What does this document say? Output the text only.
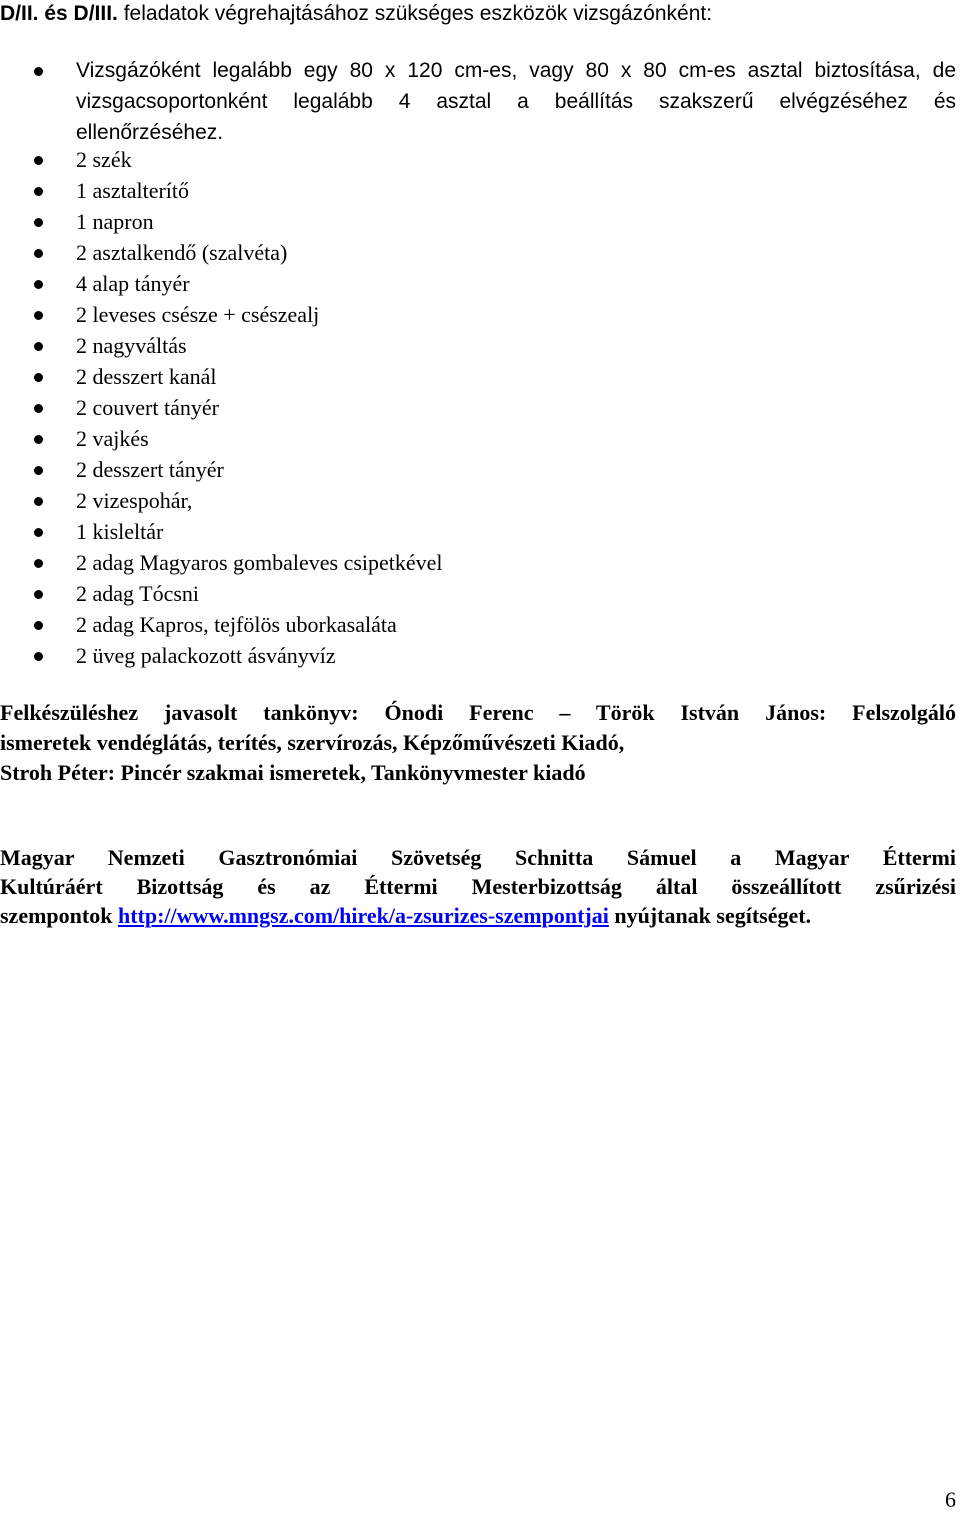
D/II. és D/III. feladatok végrehajtásához szükséges eszközök vizsgázónként:
Vizsgázóként legalább egy 80 x 120 cm-es, vagy 80 x 80 cm-es asztal biztosítása, de
vizsgacsoportonként legalább 4 asztal a beállítás szakszerű elvégzéséhez és
ellenőrzéséhez.
2 szék
1 asztalterítő
1 napron
2 asztalkendő (szalvéta)
4 alap tányér
2 leveses csésze + csészealj
2 nagyváltás
2 desszert kanál
2 couvert tányér
2 vajkés
2 desszert tányér
2 vizespohár,
1 kisleltár
2 adag Magyaros gombaleves csipetkével
2 adag Tócsni
2 adag Kapros, tejfölös uborkasaláta
2 üveg palackozott ásványvíz
Felkészüléshez javasolt tankönyv: Ónodi Ferenc – Török István János: Felszolgáló
ismeretek vendéglátás, terítés, szervírozás, Képzőművészeti Kiadó,
Stroh Péter: Pincér szakmai ismeretek, Tankönyvmester kiadó
Magyar Nemzeti Gasztronómiai Szövetség Schnitta Sámuel a Magyar Éttermi
Kultúráért Bizottság és az Éttermi Mesterbizottság által összeállított zsűrizési
szempontok http://www.mngsz.com/hirek/a-zsurizes-szempontjai nyújtanak segítséget.
6
